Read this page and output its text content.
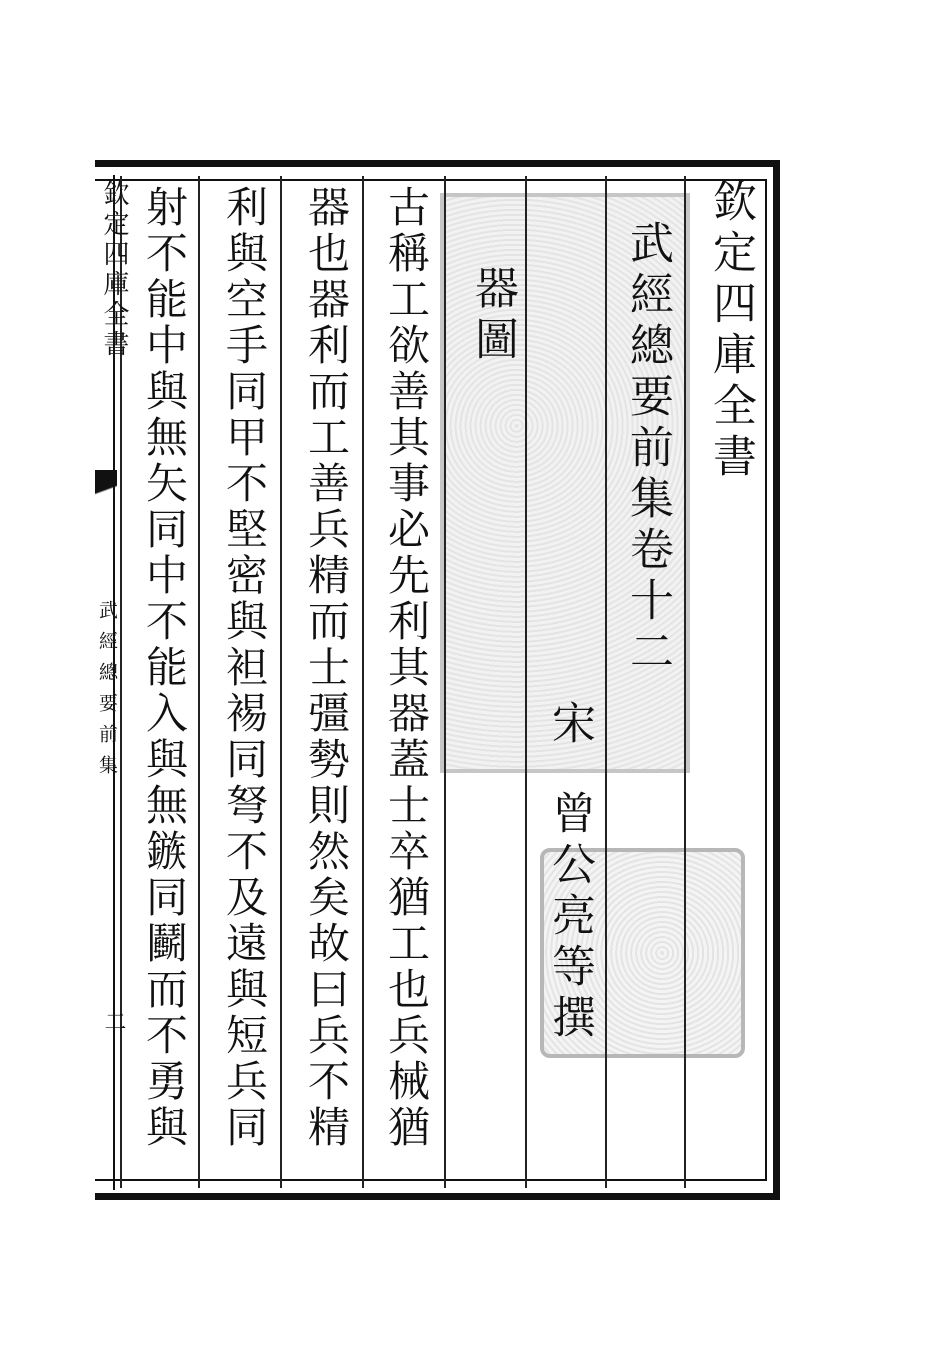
欽定四庫全書
武經總要前集卷十二
宋
曾公亮等撰
器圖
古稱工欲善其事必先利其器蓋士卒猶工也兵械猶
器也器利而工善兵精而士彊勢則然矣故曰兵不精
利與空手同甲不堅密與袒裼同弩不及遠與短兵同
射不能中與無矢同中不能入與無鏃同鬬而不勇與
欽定四庫全書
武經總要前集
二
